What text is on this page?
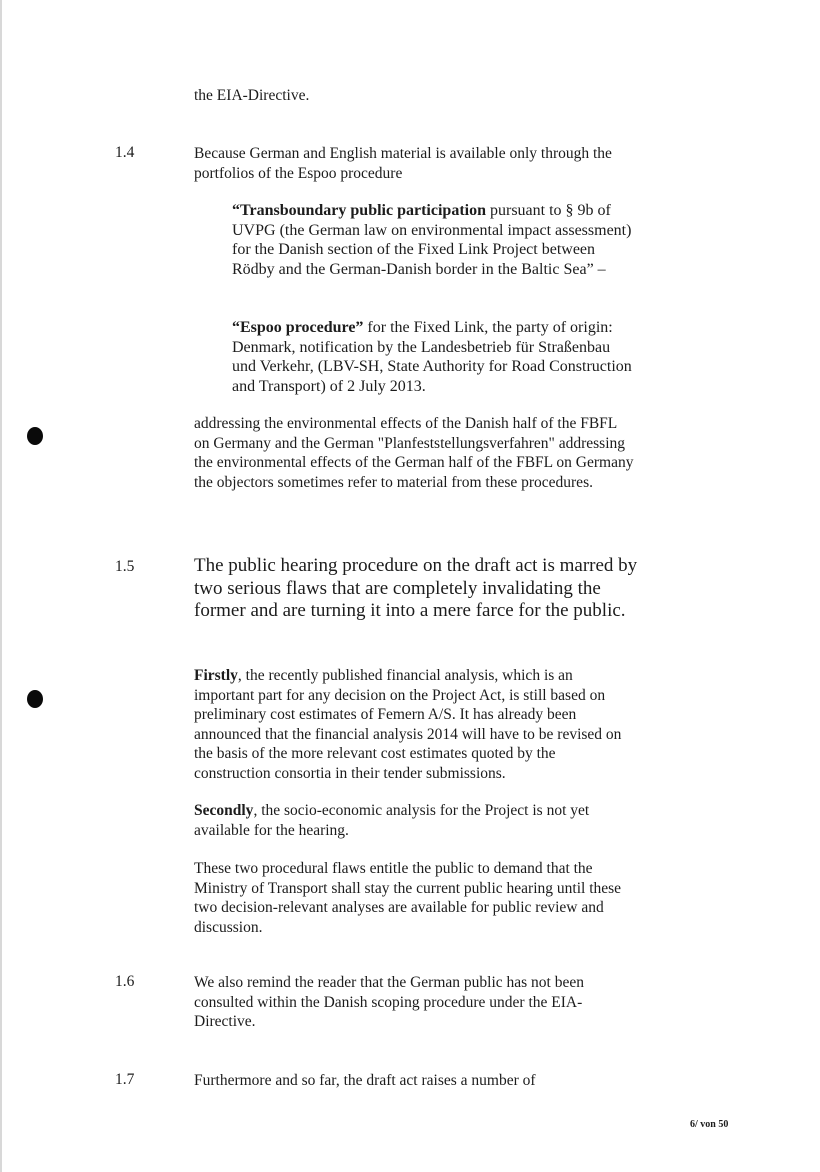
the EIA-Directive.

1.4	Because German and English material is available only through the portfolios of the Espoo procedure

“Transboundary public participation pursuant to § 9b of UVPG (the German law on environmental impact assessment) for the Danish section of the Fixed Link Project between Rödby and the German-Danish border in the Baltic Sea” –

“Espoo procedure” for the Fixed Link, the party of origin: Denmark, notification by the Landesbetrieb für Straßenbau und Verkehr, (LBV-SH, State Authority for Road Construction and Transport) of 2 July 2013.

addressing the environmental effects of the Danish half of the FBFL on Germany and the German "Planfeststellungsverfahren" addressing the environmental effects of the German half of the FBFL on Germany the objectors sometimes refer to material from these procedures.

1.5	The public hearing procedure on the draft act is marred by two serious flaws that are completely invalidating the former and are turning it into a mere farce for the public.

Firstly, the recently published financial analysis, which is an important part for any decision on the Project Act, is still based on preliminary cost estimates of Femern A/S. It has already been announced that the financial analysis 2014 will have to be revised on the basis of the more relevant cost estimates quoted by the construction consortia in their tender submissions.

Secondly, the socio-economic analysis for the Project is not yet available for the hearing.

These two procedural flaws entitle the public to demand that the Ministry of Transport shall stay the current public hearing until these two decision-relevant analyses are available for public review and discussion.

1.6	We also remind the reader that the German public has not been consulted within the Danish scoping procedure under the EIA-Directive.

1.7	Furthermore and so far, the draft act raises a number of

6/ von 50
